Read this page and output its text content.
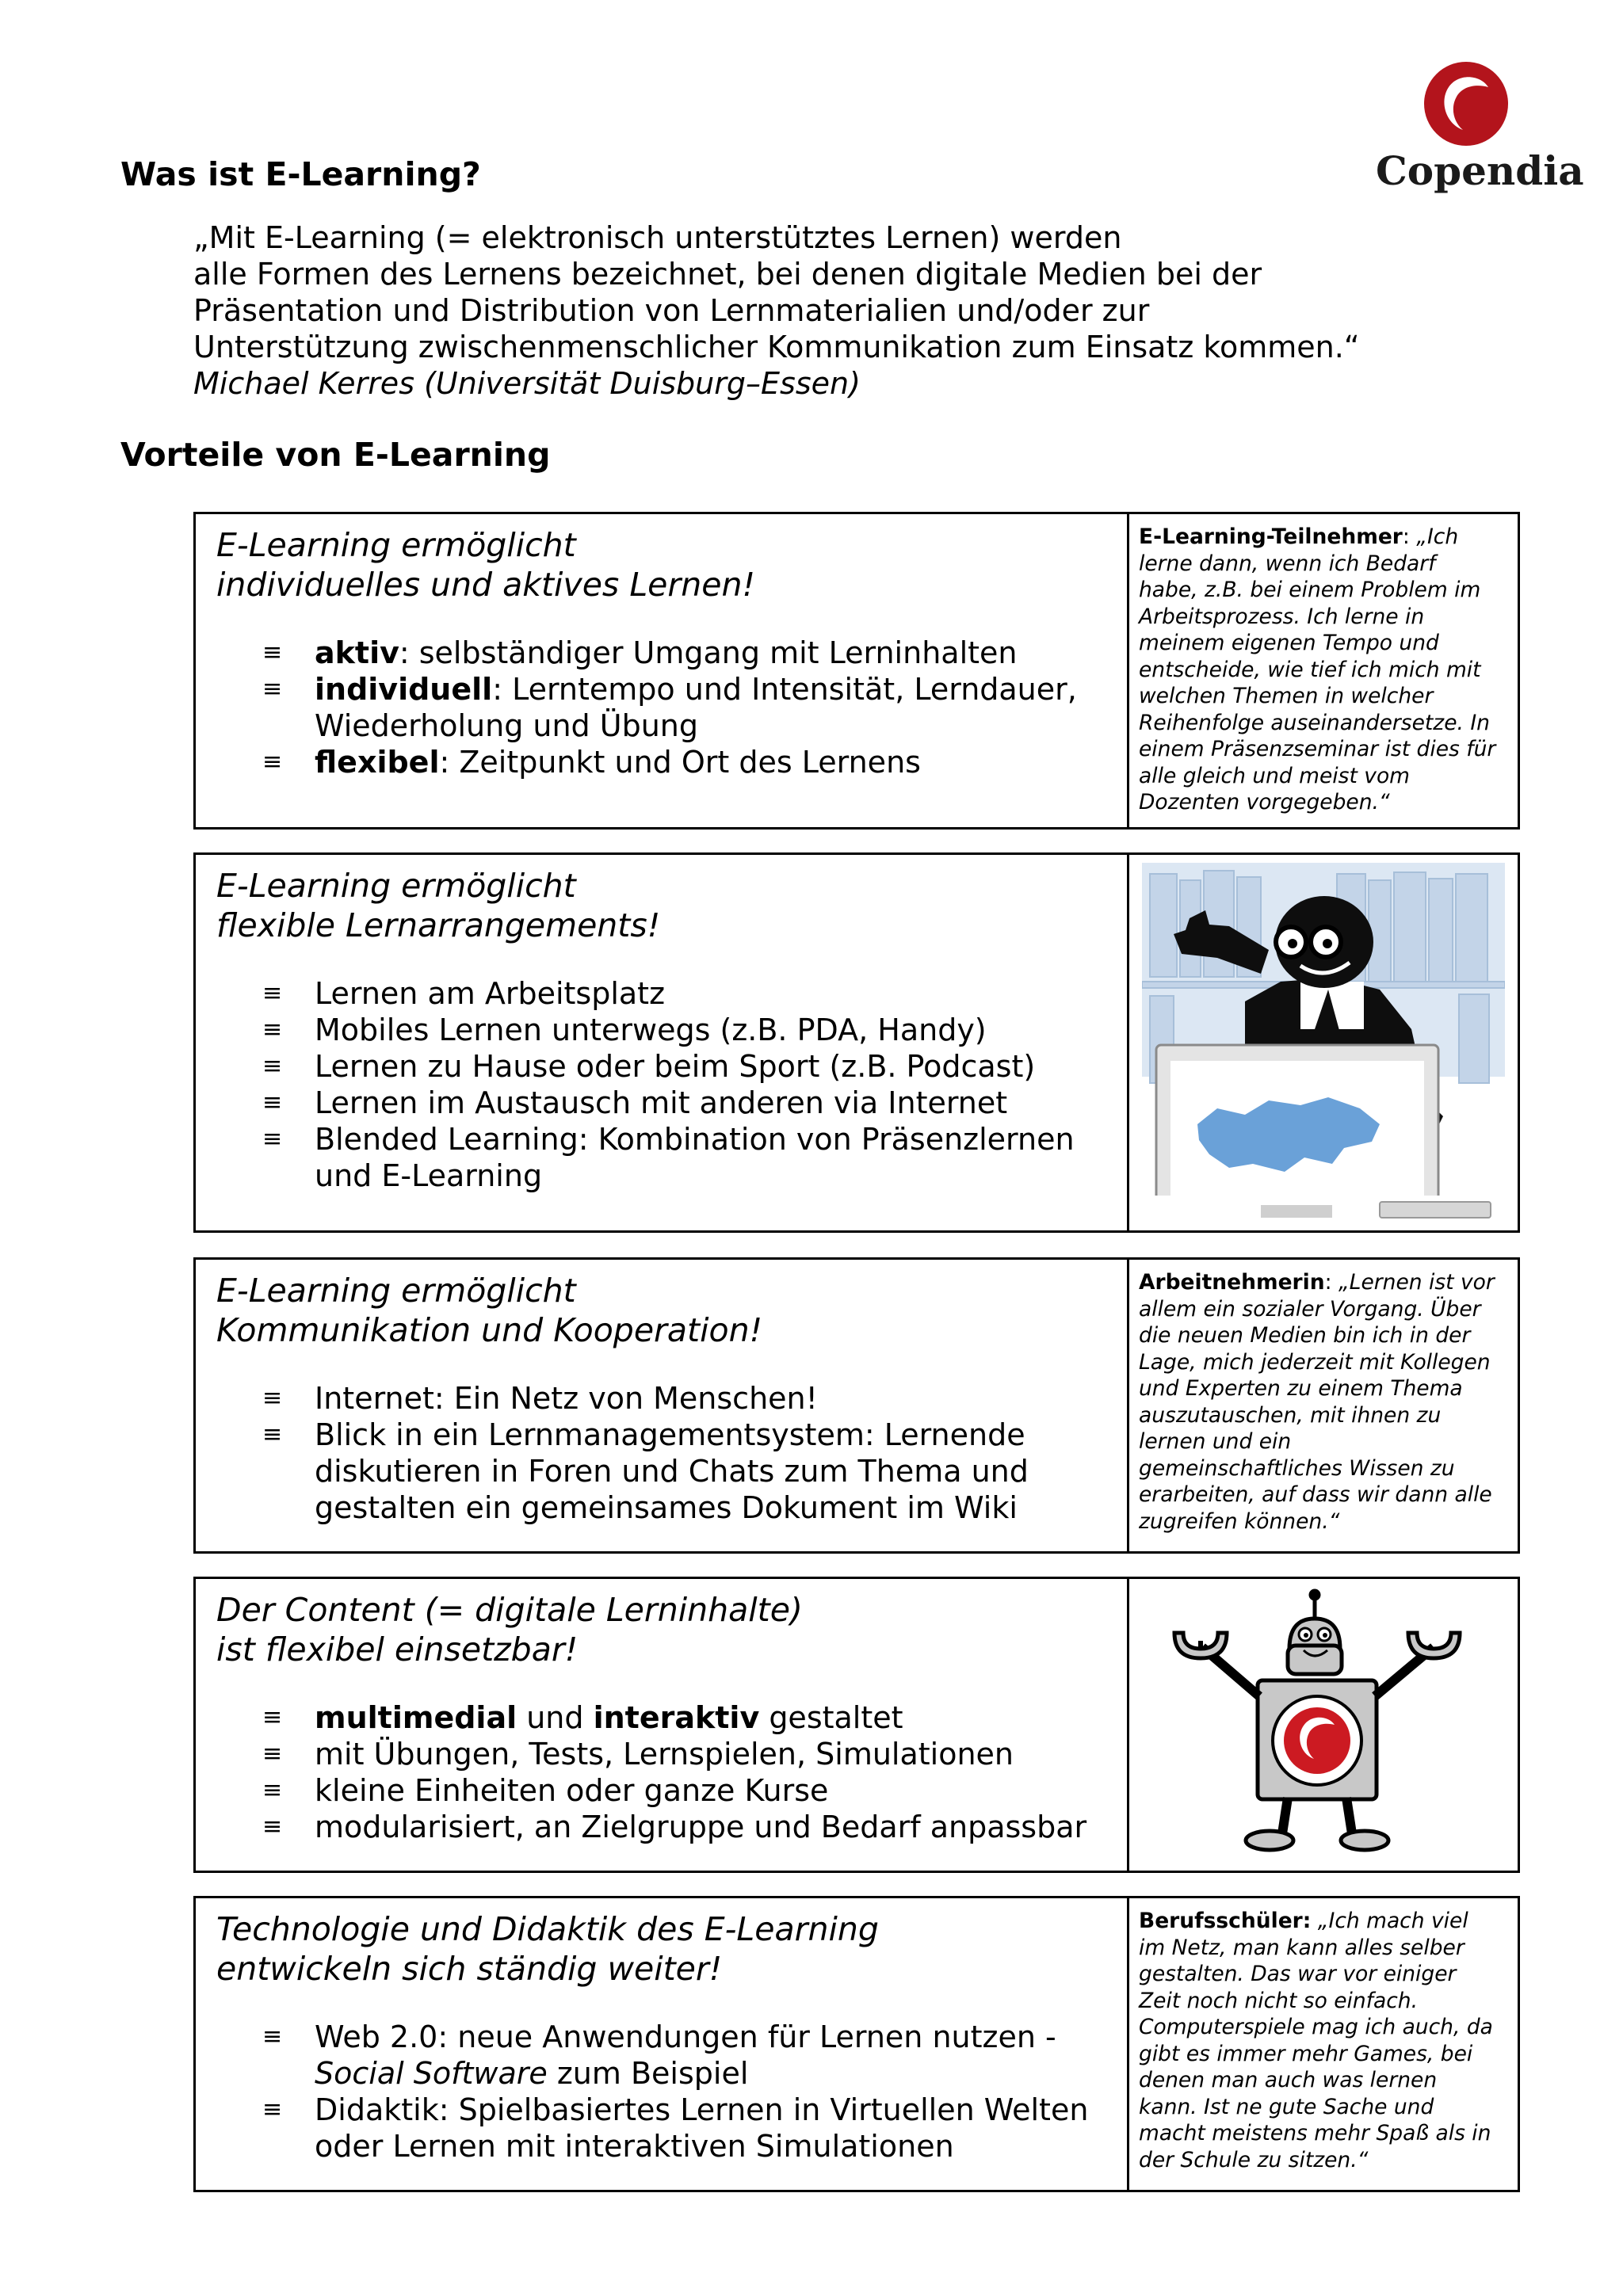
Copendia
Was ist E-Learning?

„Mit E-Learning (= elektronisch unterstütztes Lernen) werden

alle Formen des Lernens bezeichnet, bei denen digitale Medien bei der

Präsentation und Distribution von Lernmaterialien und/oder zur

Unterstützung zwischenmenschlicher Kommunikation zum Einsatz kommen.“

Michael Kerres (Universität Duisburg–Essen)

Vorteile von E-Learning

E-Learning ermöglicht
individuelles und aktives Lernen!

≡ aktiv: selbständiger Umgang mit Lerninhalten
≡ individuell: Lerntempo und Intensität, Lerndauer, Wiederholung und Übung
≡ flexibel: Zeitpunkt und Ort des Lernens
E-Learning-Teilnehmer: „Ich lerne dann, wenn ich Bedarf habe, z.B. bei einem Problem im Arbeitsprozess. Ich lerne in meinem eigenen Tempo und entscheide, wie tief ich mich mit welchen Themen in welcher Reihenfolge auseinandersetze. In einem Präsenzseminar ist dies für alle gleich und meist vom Dozenten vorgegeben.“

E-Learning ermöglicht
flexible Lernarrangements!

≡ Lernen am Arbeitsplatz
≡ Mobiles Lernen unterwegs (z.B. PDA, Handy)
≡ Lernen zu Hause oder beim Sport (z.B. Podcast)
≡ Lernen im Austausch mit anderen via Internet
≡ Blended Learning: Kombination von Präsenzlernen und E-Learning

E-Learning ermöglicht
Kommunikation und Kooperation!

≡ Internet: Ein Netz von Menschen!
≡ Blick in ein Lernmanagementsystem: Lernende diskutieren in Foren und Chats zum Thema und gestalten ein gemeinsames Dokument im Wiki
Arbeitnehmerin: „Lernen ist vor allem ein sozialer Vorgang. Über die neuen Medien bin ich in der Lage, mich jederzeit mit Kollegen und Experten zu einem Thema auszutauschen, mit ihnen zu lernen und ein gemeinschaftliches Wissen zu erarbeiten, auf dass wir dann alle zugreifen können.“

Der Content (= digitale Lerninhalte)
ist flexibel einsetzbar!

≡ multimedial und interaktiv gestaltet
≡ mit Übungen, Tests, Lernspielen, Simulationen
≡ kleine Einheiten oder ganze Kurse
≡ modularisiert, an Zielgruppe und Bedarf anpassbar

Technologie und Didaktik des E-Learning
entwickeln sich ständig weiter!

≡ Web 2.0: neue Anwendungen für Lernen nutzen - Social Software zum Beispiel
≡ Didaktik: Spielbasiertes Lernen in Virtuellen Welten oder Lernen mit interaktiven Simulationen
Berufsschüler: „Ich mach viel im Netz, man kann alles selber gestalten. Das war vor einiger Zeit noch nicht so einfach. Computerspiele mag ich auch, da gibt es immer mehr Games, bei denen man auch was lernen kann. Ist ne gute Sache und macht meistens mehr Spaß als in der Schule zu sitzen.“
